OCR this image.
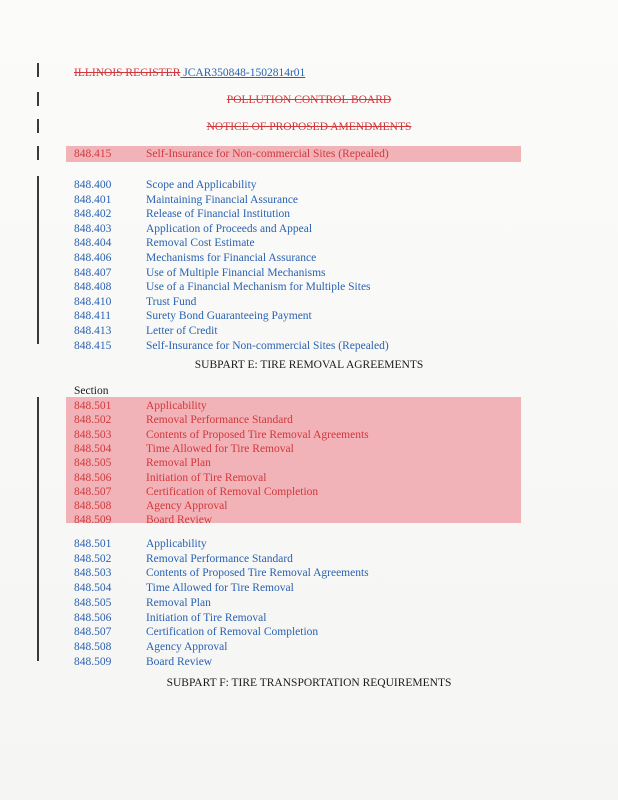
ILLINOIS REGISTER JCAR350848-1502814r01
POLLUTION CONTROL BOARD
NOTICE OF PROPOSED AMENDMENTS
848.415	Self-Insurance for Non-commercial Sites (Repealed)
848.400	Scope and Applicability
848.401	Maintaining Financial Assurance
848.402	Release of Financial Institution
848.403	Application of Proceeds and Appeal
848.404	Removal Cost Estimate
848.406	Mechanisms for Financial Assurance
848.407	Use of Multiple Financial Mechanisms
848.408	Use of a Financial Mechanism for Multiple Sites
848.410	Trust Fund
848.411	Surety Bond Guaranteeing Payment
848.413	Letter of Credit
848.415	Self-Insurance for Non-commercial Sites (Repealed)
SUBPART E: TIRE REMOVAL AGREEMENTS
Section
848.501	Applicability
848.502	Removal Performance Standard
848.503	Contents of Proposed Tire Removal Agreements
848.504	Time Allowed for Tire Removal
848.505	Removal Plan
848.506	Initiation of Tire Removal
848.507	Certification of Removal Completion
848.508	Agency Approval
848.509	Board Review
848.501	Applicability
848.502	Removal Performance Standard
848.503	Contents of Proposed Tire Removal Agreements
848.504	Time Allowed for Tire Removal
848.505	Removal Plan
848.506	Initiation of Tire Removal
848.507	Certification of Removal Completion
848.508	Agency Approval
848.509	Board Review
SUBPART F: TIRE TRANSPORTATION REQUIREMENTS
